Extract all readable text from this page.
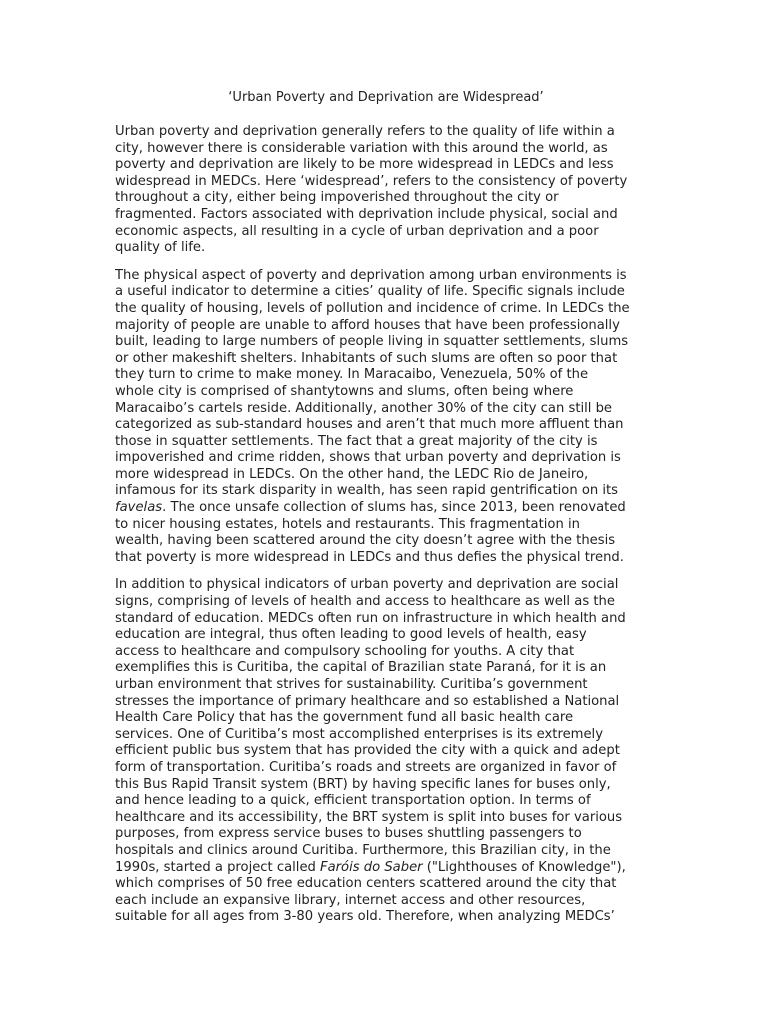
‘Urban Poverty and Deprivation are Widespread’
Urban poverty and deprivation generally refers to the quality of life within a
city, however there is considerable variation with this around the world, as
poverty and deprivation are likely to be more widespread in LEDCs and less
widespread in MEDCs. Here ‘widespread’, refers to the consistency of poverty
throughout a city, either being impoverished throughout the city or
fragmented. Factors associated with deprivation include physical, social and
economic aspects, all resulting in a cycle of urban deprivation and a poor
quality of life.
The physical aspect of poverty and deprivation among urban environments is
a useful indicator to determine a cities’ quality of life. Specific signals include
the quality of housing, levels of pollution and incidence of crime. In LEDCs the
majority of people are unable to afford houses that have been professionally
built, leading to large numbers of people living in squatter settlements, slums
or other makeshift shelters. Inhabitants of such slums are often so poor that
they turn to crime to make money. In Maracaibo, Venezuela, 50% of the
whole city is comprised of shantytowns and slums, often being where
Maracaibo’s cartels reside. Additionally, another 30% of the city can still be
categorized as sub-standard houses and aren’t that much more affluent than
those in squatter settlements. The fact that a great majority of the city is
impoverished and crime ridden, shows that urban poverty and deprivation is
more widespread in LEDCs. On the other hand, the LEDC Rio de Janeiro,
infamous for its stark disparity in wealth, has seen rapid gentrification on its
favelas. The once unsafe collection of slums has, since 2013, been renovated
to nicer housing estates, hotels and restaurants. This fragmentation in
wealth, having been scattered around the city doesn’t agree with the thesis
that poverty is more widespread in LEDCs and thus defies the physical trend.
In addition to physical indicators of urban poverty and deprivation are social
signs, comprising of levels of health and access to healthcare as well as the
standard of education. MEDCs often run on infrastructure in which health and
education are integral, thus often leading to good levels of health, easy
access to healthcare and compulsory schooling for youths. A city that
exemplifies this is Curitiba, the capital of Brazilian state Paraná, for it is an
urban environment that strives for sustainability. Curitiba’s government
stresses the importance of primary healthcare and so established a National
Health Care Policy that has the government fund all basic health care
services. One of Curitiba’s most accomplished enterprises is its extremely
efficient public bus system that has provided the city with a quick and adept
form of transportation. Curitiba’s roads and streets are organized in favor of
this Bus Rapid Transit system (BRT) by having specific lanes for buses only,
and hence leading to a quick, efficient transportation option. In terms of
healthcare and its accessibility, the BRT system is split into buses for various
purposes, from express service buses to buses shuttling passengers to
hospitals and clinics around Curitiba. Furthermore, this Brazilian city, in the
1990s, started a project called Faróis do Saber ("Lighthouses of Knowledge"),
which comprises of 50 free education centers scattered around the city that
each include an expansive library, internet access and other resources,
suitable for all ages from 3-80 years old. Therefore, when analyzing MEDCs’
